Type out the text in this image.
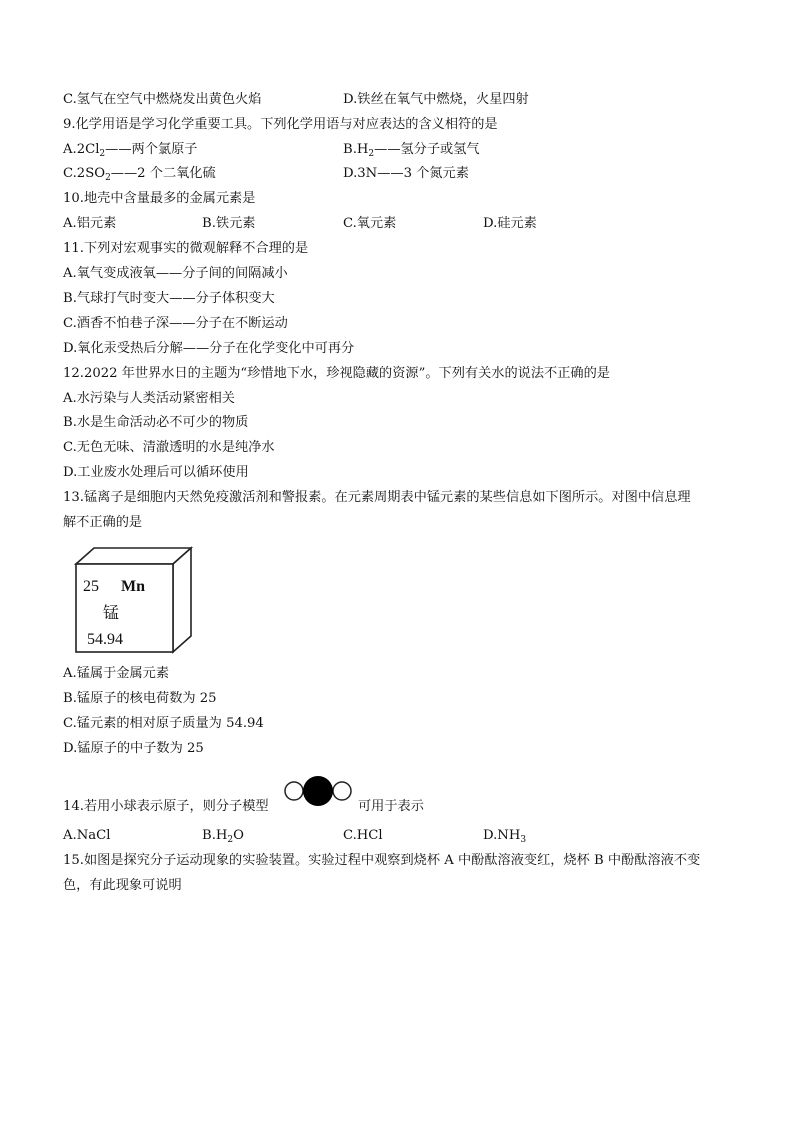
C.氢气在空气中燃烧发出黄色火焰	D.铁丝在氧气中燃烧，火星四射
9.化学用语是学习化学重要工具。下列化学用语与对应表达的含义相符的是
$A.2Cl_2——$两个氯原子	$B.H_2——$氢分子或氢气
$C.2SO_2——2$ 个二氧化硫	D.3N——3 个氮元素
10.地壳中含量最多的金属元素是
A.铝元素	B.铁元素	C.氧元素	D.硅元素
11.下列对宏观事实的微观解释不合理的是
A.氧气变成液氧——分子间的间隔减小
B.气球打气时变大——分子体积变大
C.酒香不怕巷子深——分子在不断运动
D.氧化汞受热后分解——分子在化学变化中可再分
12.2022 年世界水日的主题为“珍惜地下水，珍视隐藏的资源”。下列有关水的说法不正确的是
A.水污染与人类活动紧密相关
B.水是生命活动必不可少的物质
C.无色无味、清澈透明的水是纯净水
D.工业废水处理后可以循环使用
13.锰离子是细胞内天然免疫激活剂和警报素。在元素周期表中锰元素的某些信息如下图所示。对图中信息理
解不正确的是
25 Mn
锰
54.94
A.锰属于金属元素
B.锰原子的核电荷数为 25
C.锰元素的相对原子质量为 54.94
D.锰原子的中子数为 25
14.若用小球表示原子，则分子模型	可用于表示
A.NaCl	$B.H_2O$	C.HCl	$D.NH_3$
15.如图是探究分子运动现象的实验装置。实验过程中观察到烧杯 A 中酚酞溶液变红，烧杯 B 中酚酞溶液不变
色，有此现象可说明
